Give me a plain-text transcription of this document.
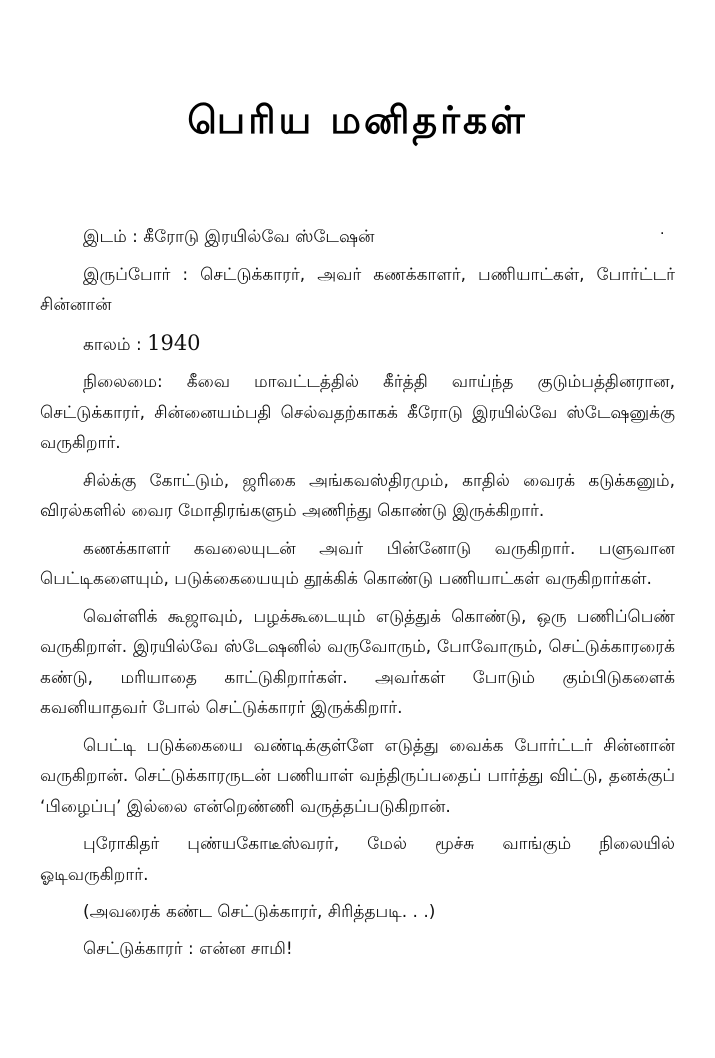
பெரிய மனிதர்கள்
.

இடம் : கீரோடு இரயில்வே ஸ்டேஷன்

இருப்போர் : செட்டுக்காரர், அவர் கணக்காளர், பணியாட்கள், போர்ட்டர் சின்னான்

காலம் : 1940

நிலைமை: கீவை மாவட்டத்தில் கீர்த்தி வாய்ந்த குடும்பத்தினரான, செட்டுக்காரர், சின்னையம்பதி செல்வதற்காகக் கீரோடு இரயில்வே ஸ்டேஷனுக்கு வருகிறார்.

சில்க்கு கோட்டும், ஜரிகை அங்கவஸ்திரமும், காதில் வைரக் கடுக்கனும், விரல்களில் வைர மோதிரங்களும் அணிந்து கொண்டு இருக்கிறார்.

கணக்காளர் கவலையுடன் அவர் பின்னோடு வருகிறார். பளுவான பெட்டிகளையும், படுக்கையையும் தூக்கிக் கொண்டு பணியாட்கள் வருகிறார்கள்.

வெள்ளிக் கூஜாவும், பழக்கூடையும் எடுத்துக் கொண்டு, ஒரு பணிப்பெண் வருகிறாள். இரயில்வே ஸ்டேஷனில் வருவோரும், போவோரும், செட்டுக்காரரைக் கண்டு, மரியாதை காட்டுகிறார்கள். அவர்கள் போடும் கும்பிடுகளைக் கவனியாதவர் போல் செட்டுக்காரர் இருக்கிறார்.

பெட்டி படுக்கையை வண்டிக்குள்ளே எடுத்து வைக்க போர்ட்டர் சின்னான் வருகிறான். செட்டுக்காரருடன் பணியாள் வந்திருப்பதைப் பார்த்து விட்டு, தனக்குப் ‘பிழைப்பு’ இல்லை என்றெண்ணி வருத்தப்படுகிறான்.

புரோகிதர் புண்யகோடீஸ்வரர், மேல் மூச்சு வாங்கும் நிலையில் ஓடிவருகிறார்.

(அவரைக் கண்ட செட்டுக்காரர், சிரித்தபடி. . .)

செட்டுக்காரர் : என்ன சாமி!
